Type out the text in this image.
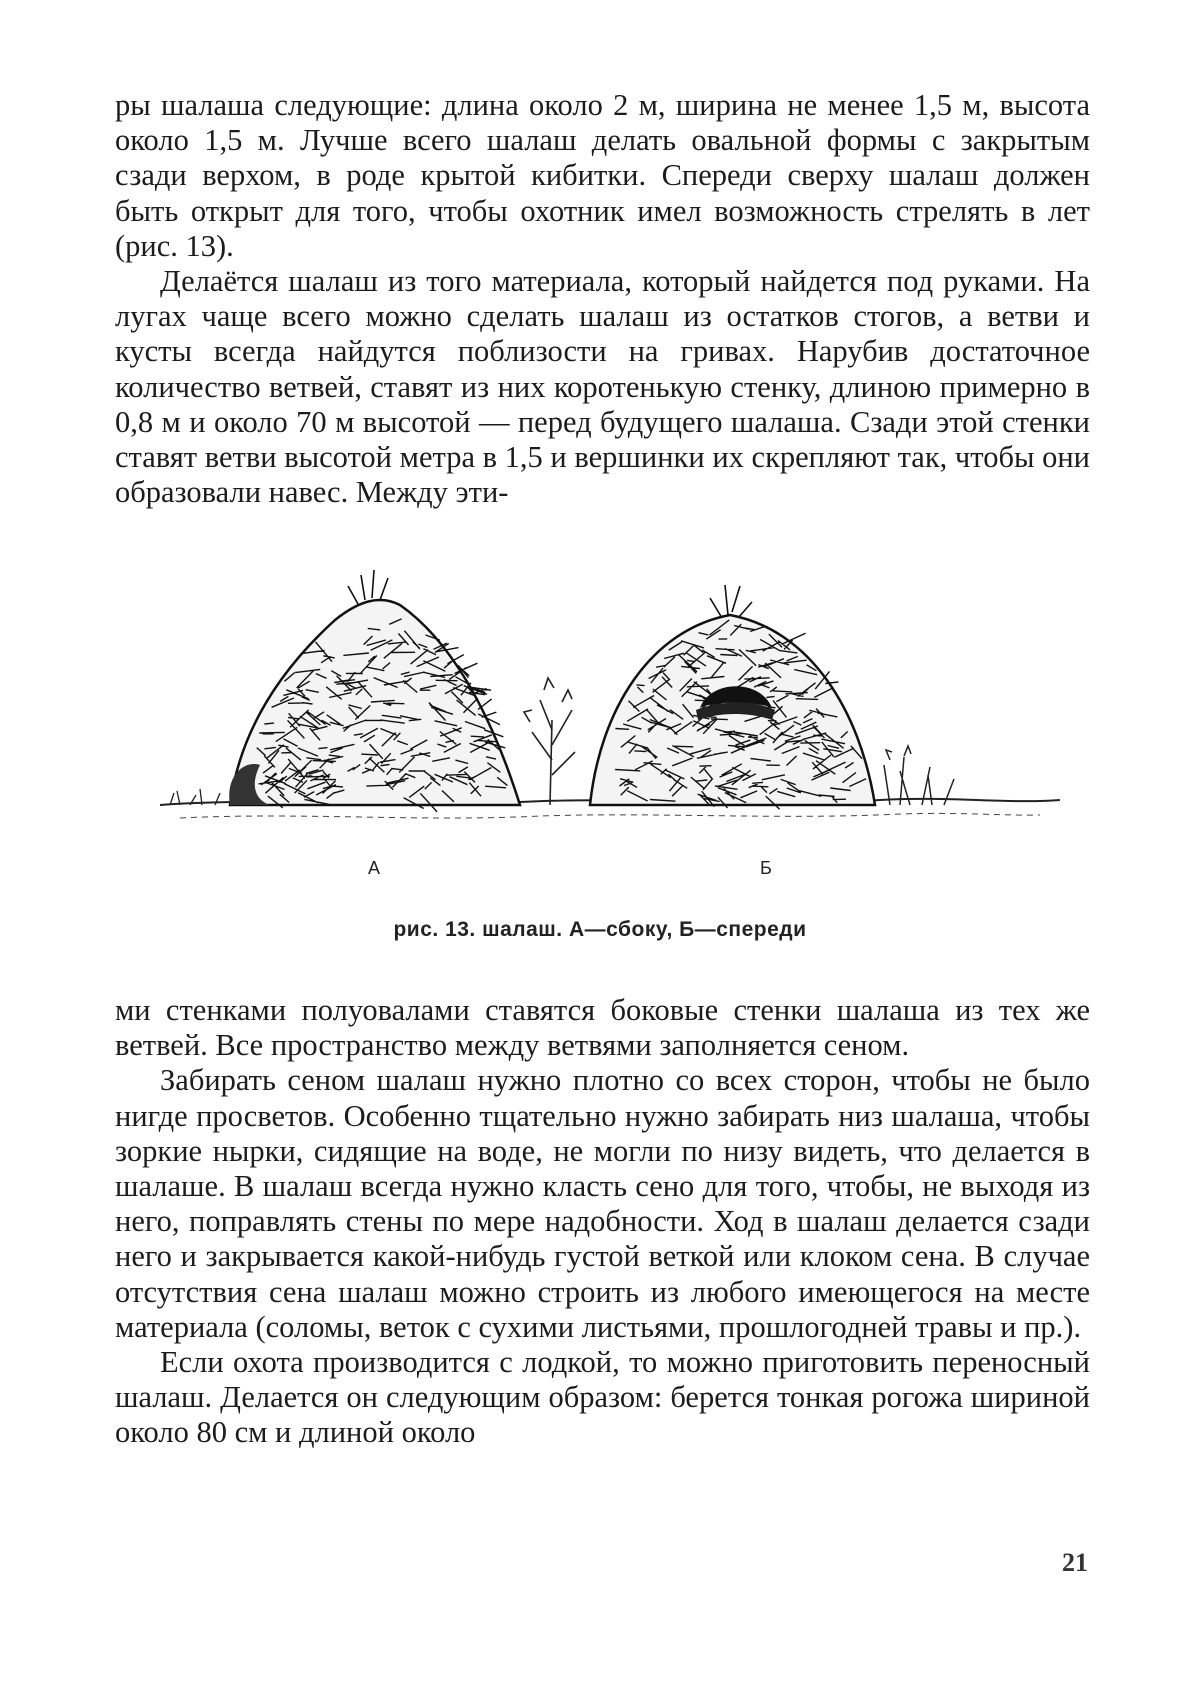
ры шалаша следующие: длина около 2 м, ширина не менее 1,5 м, высота около 1,5 м. Лучше всего шалаш делать овальной формы с закрытым сзади верхом, в роде крытой кибитки. Спереди сверху шалаш должен быть открыт для того, чтобы охотник имел возможность стрелять в лет (рис. 13).

Делаётся шалаш из того материала, который найдется под руками. На лугах чаще всего можно сделать шалаш из остатков стогов, а ветви и кусты всегда найдутся поблизости на гривах. Нарубив достаточное количество ветвей, ставят из них коротенькую стенку, длиною примерно в 0,8 м и около 70 м высотой — перед будущего шалаша. Сзади этой стенки ставят ветви высотой метра в 1,5 и вершинки их скрепляют так, чтобы они образовали навес. Между эти-

А	Б
рис. 13. шалаш. А—сбоку, Б—спереди

ми стенками полуовалами ставятся боковые стенки шалаша из тех же ветвей. Все пространство между ветвями заполняется сеном.

Забирать сеном шалаш нужно плотно со всех сторон, чтобы не было нигде просветов. Особенно тщательно нужно забирать низ шалаша, чтобы зоркие нырки, сидящие на воде, не могли по низу видеть, что делается в шалаше. В шалаш всегда нужно класть сено для того, чтобы, не выходя из него, поправлять стены по мере надобности. Ход в шалаш делается сзади него и закрывается какой-нибудь густой веткой или клоком сена. В случае отсутствия сена шалаш можно строить из любого имеющегося на месте материала (соломы, веток с сухими листьями, прошлогодней травы и пр.).

Если охота производится с лодкой, то можно приготовить переносный шалаш. Делается он следующим образом: берется тонкая рогожа шириной около 80 см и длиной около

21
